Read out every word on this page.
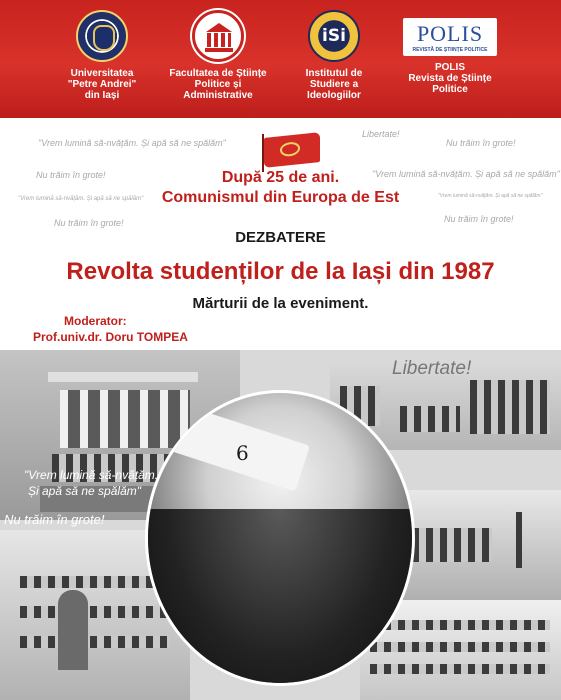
Universitatea
"Petre Andrei"
din Iași
Facultatea de Științe
Politice și
Administrative
iSi
Institutul de
Studiere a
Ideologiilor
POLIS
REVISTĂ DE ȘTIINȚE POLITICE
POLIS
Revista de Științe
Politice
"Vrem lumină să-nvățăm. Și apă să ne spălăm"
Libertate!
Nu trăim în grote!
Nu trăim în grote!	"Vrem lumină să-nvățăm. Și apă să ne spălăm"
"Vrem lumină să-nvățăm. Și apă să ne spălăm"	"Vrem lumină să-nvățăm. Și apă să ne spălăm"
Nu trăim în grote!	Nu trăim în grote!
După 25 de ani.
Comunismul din Europa de Est
DEZBATERE
Revolta studenților de la Iași din 1987
Mărturii de la eveniment.
Moderator:
Prof.univ.dr. Doru TOMPEA
6
Libertate!
"Vrem lumină să-nvățăm.
Și apă să ne spălăm"
Nu trăim în grote!
